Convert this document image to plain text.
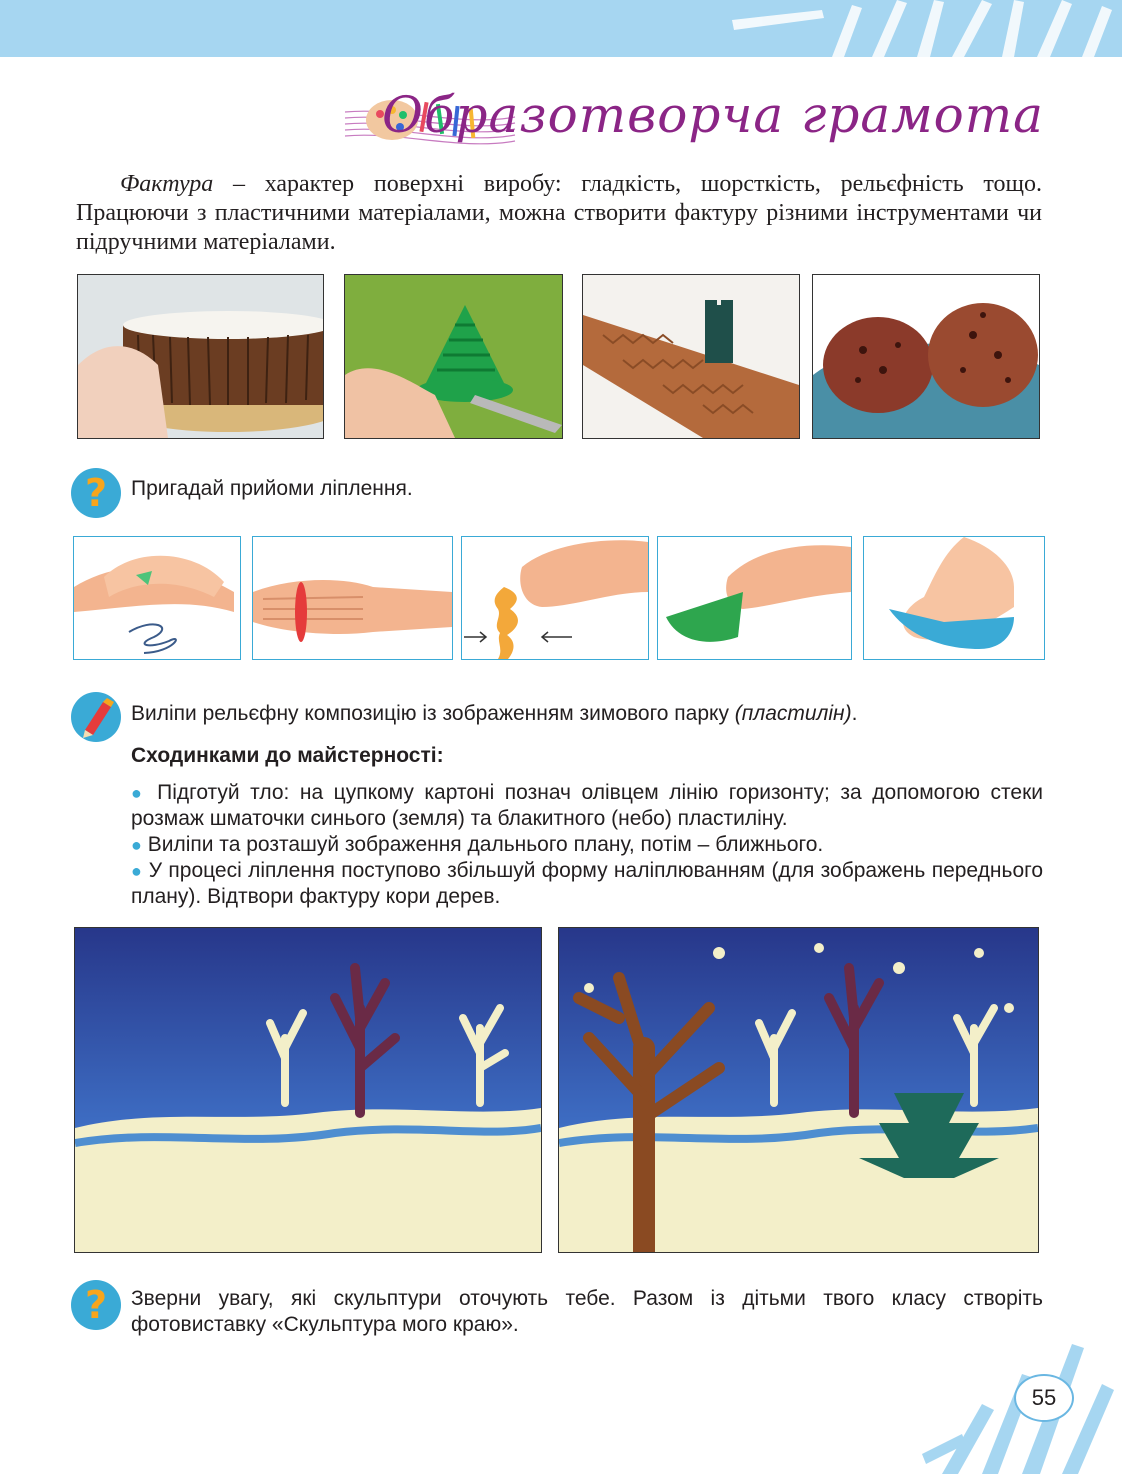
Образотворча грамота

Фактура – характер поверхні виробу: гладкість, шорсткість, рельєфність тощо. Працюючи з пластичними матеріалами, можна створити фактуру різними інструментами чи підручними матеріалами.

? Пригадай прийоми ліплення.

Виліпи рельєфну композицію із зображенням зимового парку (пластилін).
Сходинками до майстерності:
● Підготуй тло: на цупкому картоні познач олівцем лінію горизонту; за допомогою стеки розмаж шматочки синього (земля) та блакитного (небо) пластиліну.
● Виліпи та розташуй зображення дальнього плану, потім – ближнього.
● У процесі ліплення поступово збільшуй форму наліплюванням (для зображень переднього плану). Відтвори фактуру кори дерев.
? Зверни увагу, які скульптури оточують тебе. Разом із дітьми твого класу створіть фотовиставку «Скульптура мого краю».

55
